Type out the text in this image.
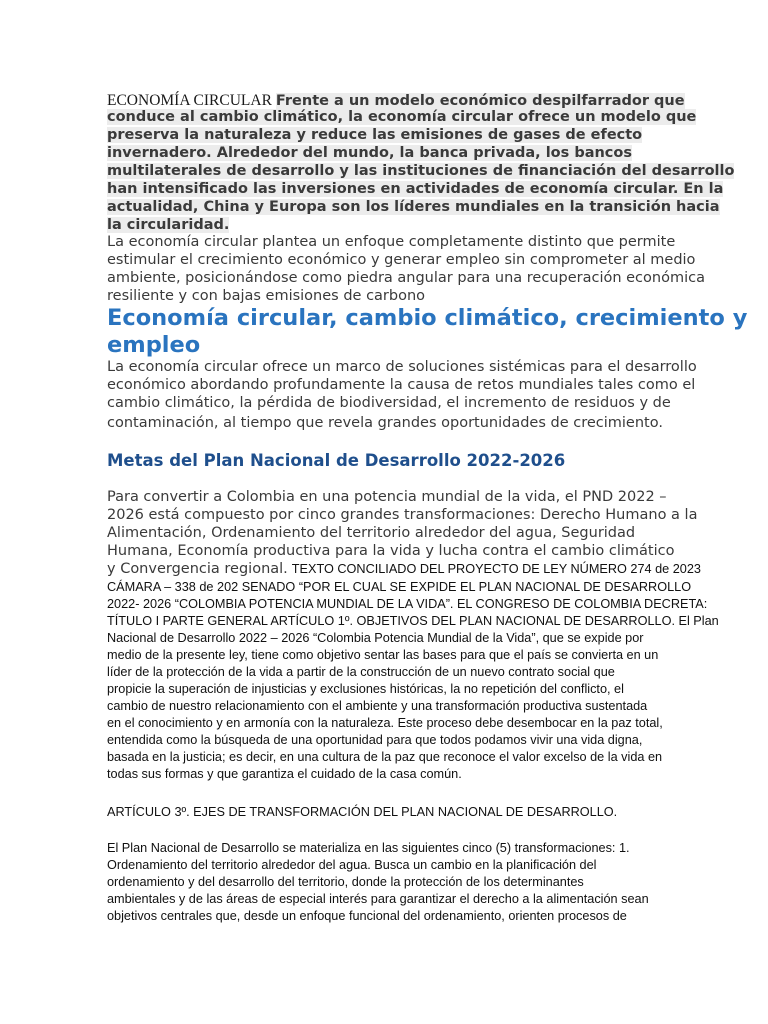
ECONOMÍA CIRCULAR Frente a un modelo económico despilfarrador que
conduce al cambio climático, la economía circular ofrece un modelo que
preserva la naturaleza y reduce las emisiones de gases de efecto
invernadero. Alrededor del mundo, la banca privada, los bancos
multilaterales de desarrollo y las instituciones de financiación del desarrollo
han intensificado las inversiones en actividades de economía circular. En la
actualidad, China y Europa son los líderes mundiales en la transición hacia
la circularidad.
La economía circular plantea un enfoque completamente distinto que permite
estimular el crecimiento económico y generar empleo sin comprometer al medio
ambiente, posicionándose como piedra angular para una recuperación económica
resiliente y con bajas emisiones de carbono
Economía circular, cambio climático, crecimiento y
empleo
La economía circular ofrece un marco de soluciones sistémicas para el desarrollo
económico abordando profundamente la causa de retos mundiales tales como el
cambio climático, la pérdida de biodiversidad, el incremento de residuos y de
contaminación, al tiempo que revela grandes oportunidades de crecimiento.
Metas del Plan Nacional de Desarrollo 2022-2026
Para convertir a Colombia en una potencia mundial de la vida, el PND 2022 –
2026 está compuesto por cinco grandes transformaciones: Derecho Humano a la
Alimentación, Ordenamiento del territorio alrededor del agua, Seguridad
Humana, Economía productiva para la vida y lucha contra el cambio climático
y Convergencia regional. TEXTO CONCILIADO DEL PROYECTO DE LEY NÚMERO 274 de 2023
CÁMARA – 338 de 202 SENADO “POR EL CUAL SE EXPIDE EL PLAN NACIONAL DE DESARROLLO
2022- 2026 “COLOMBIA POTENCIA MUNDIAL DE LA VIDA”. EL CONGRESO DE COLOMBIA DECRETA:
TÍTULO I PARTE GENERAL ARTÍCULO 1º. OBJETIVOS DEL PLAN NACIONAL DE DESARROLLO. El Plan
Nacional de Desarrollo 2022 – 2026 “Colombia Potencia Mundial de la Vida”, que se expide por
medio de la presente ley, tiene como objetivo sentar las bases para que el país se convierta en un
líder de la protección de la vida a partir de la construcción de un nuevo contrato social que
propicie la superación de injusticias y exclusiones históricas, la no repetición del conflicto, el
cambio de nuestro relacionamiento con el ambiente y una transformación productiva sustentada
en el conocimiento y en armonía con la naturaleza. Este proceso debe desembocar en la paz total,
entendida como la búsqueda de una oportunidad para que todos podamos vivir una vida digna,
basada en la justicia; es decir, en una cultura de la paz que reconoce el valor excelso de la vida en
todas sus formas y que garantiza el cuidado de la casa común.
ARTÍCULO 3º. EJES DE TRANSFORMACIÓN DEL PLAN NACIONAL DE DESARROLLO.
El Plan Nacional de Desarrollo se materializa en las siguientes cinco (5) transformaciones: 1.
Ordenamiento del territorio alrededor del agua. Busca un cambio en la planificación del
ordenamiento y del desarrollo del territorio, donde la protección de los determinantes
ambientales y de las áreas de especial interés para garantizar el derecho a la alimentación sean
objetivos centrales que, desde un enfoque funcional del ordenamiento, orienten procesos de
